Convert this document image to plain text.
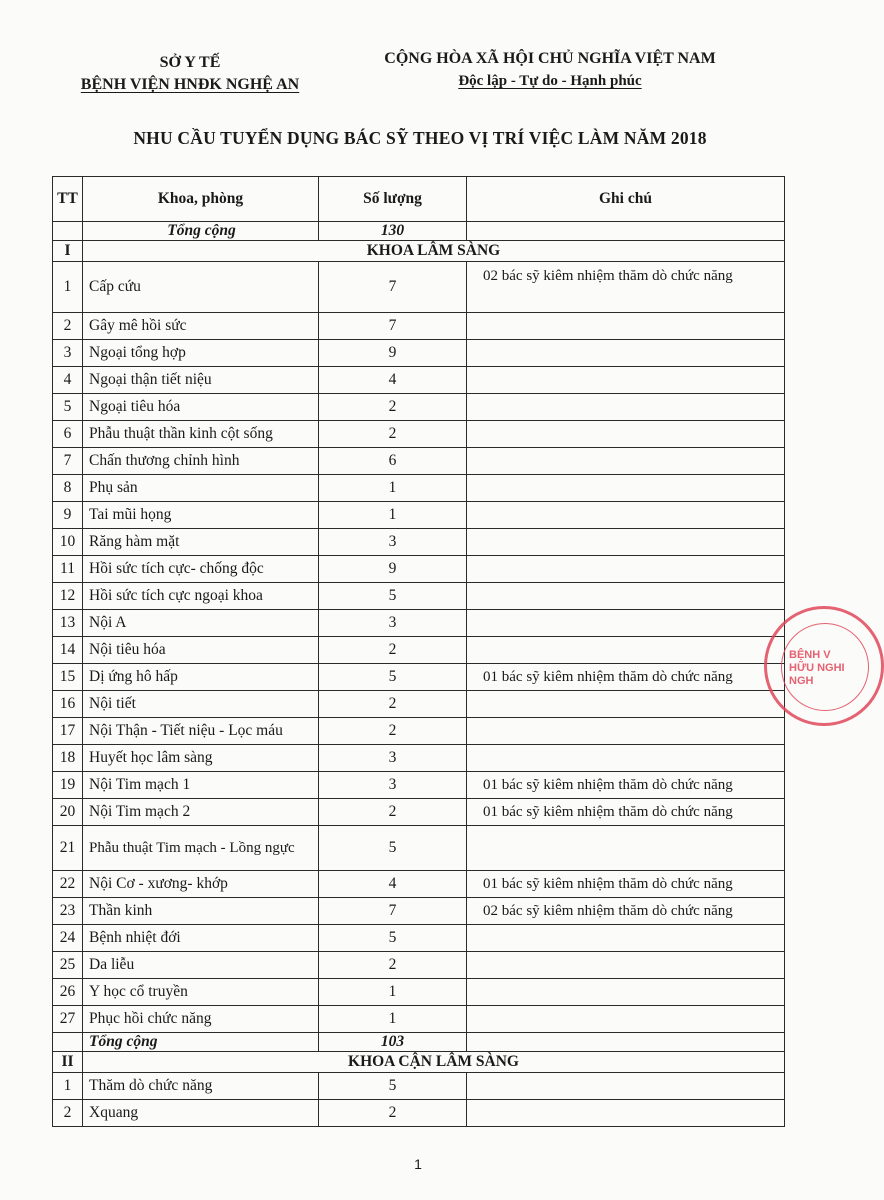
SỞ Y TẾ
BỆNH VIỆN HNĐK NGHỆ AN
CỘNG HÒA XÃ HỘI CHỦ NGHĨA VIỆT NAM
Độc lập - Tự do - Hạnh phúc
NHU CẦU TUYỂN DỤNG BÁC SỸ THEO VỊ TRÍ VIỆC LÀM NĂM 2018
TT	Khoa, phòng	Số lượng	Ghi chú
	Tổng cộng	130	
I	KHOA LÂM SÀNG		
1	Cấp cứu	7	02 bác sỹ kiêm nhiệm thăm dò chức năng
2	Gây mê hồi sức	7	
3	Ngoại tổng hợp	9	
4	Ngoại thận tiết niệu	4	
5	Ngoại tiêu hóa	2	
6	Phẫu thuật thần kinh cột sống	2	
7	Chấn thương chỉnh hình	6	
8	Phụ sản	1	
9	Tai mũi họng	1	
10	Răng hàm mặt	3	
11	Hồi sức tích cực- chống độc	9	
12	Hồi sức tích cực ngoại khoa	5	
13	Nội A	3	
14	Nội tiêu hóa	2	
15	Dị ứng hô hấp	5	01 bác sỹ kiêm nhiệm thăm dò chức năng
16	Nội tiết	2	
17	Nội Thận - Tiết niệu - Lọc máu	2	
18	Huyết học lâm sàng	3	
19	Nội Tim mạch 1	3	01 bác sỹ kiêm nhiệm thăm dò chức năng
20	Nội Tim mạch 2	2	01 bác sỹ kiêm nhiệm thăm dò chức năng
21	Phẫu thuật Tim mạch - Lồng ngực	5	
22	Nội Cơ - xương- khớp	4	01 bác sỹ kiêm nhiệm thăm dò chức năng
23	Thần kinh	7	02 bác sỹ kiêm nhiệm thăm dò chức năng
24	Bệnh nhiệt đới	5	
25	Da liễu	2	
26	Y học cổ truyền	1	
27	Phục hồi chức năng	1	
	Tổng cộng	103	
II	KHOA CẬN LÂM SÀNG		
1	Thăm dò chức năng	5	
2	Xquang	2	
BỆNH V
HỮU NGHI
NGH
1
